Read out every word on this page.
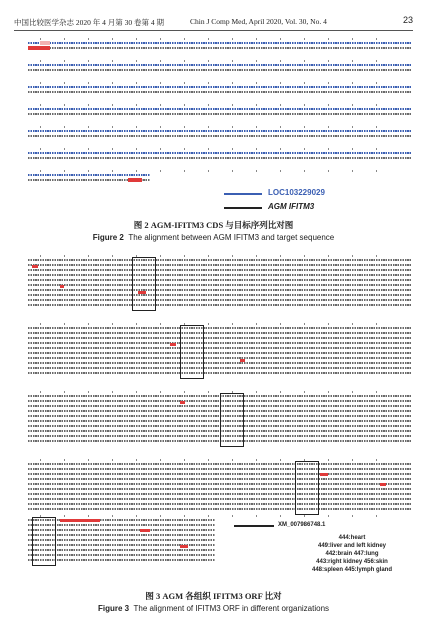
中国比较医学杂志 2020 年 4 月第 30 卷第 4 期	Chin J Comp Med, April 2020, Vol. 30, No. 4	23
LOC103229029
AGM IFITM3
图 2 AGM-IFITM3 CDS 与目标序列比对图
Figure 2 The alignment between AGM IFITM3 and target sequence
XM_007986748.1
444:heart
449:liver and left kidney
442:brain 447:lung
443:right kidney 456:skin
448:spleen 445:lymph gland
图 3 AGM 各组织 IFITM3 ORF 比对
Figure 3 The alignment of IFITM3 ORF in different organizations
